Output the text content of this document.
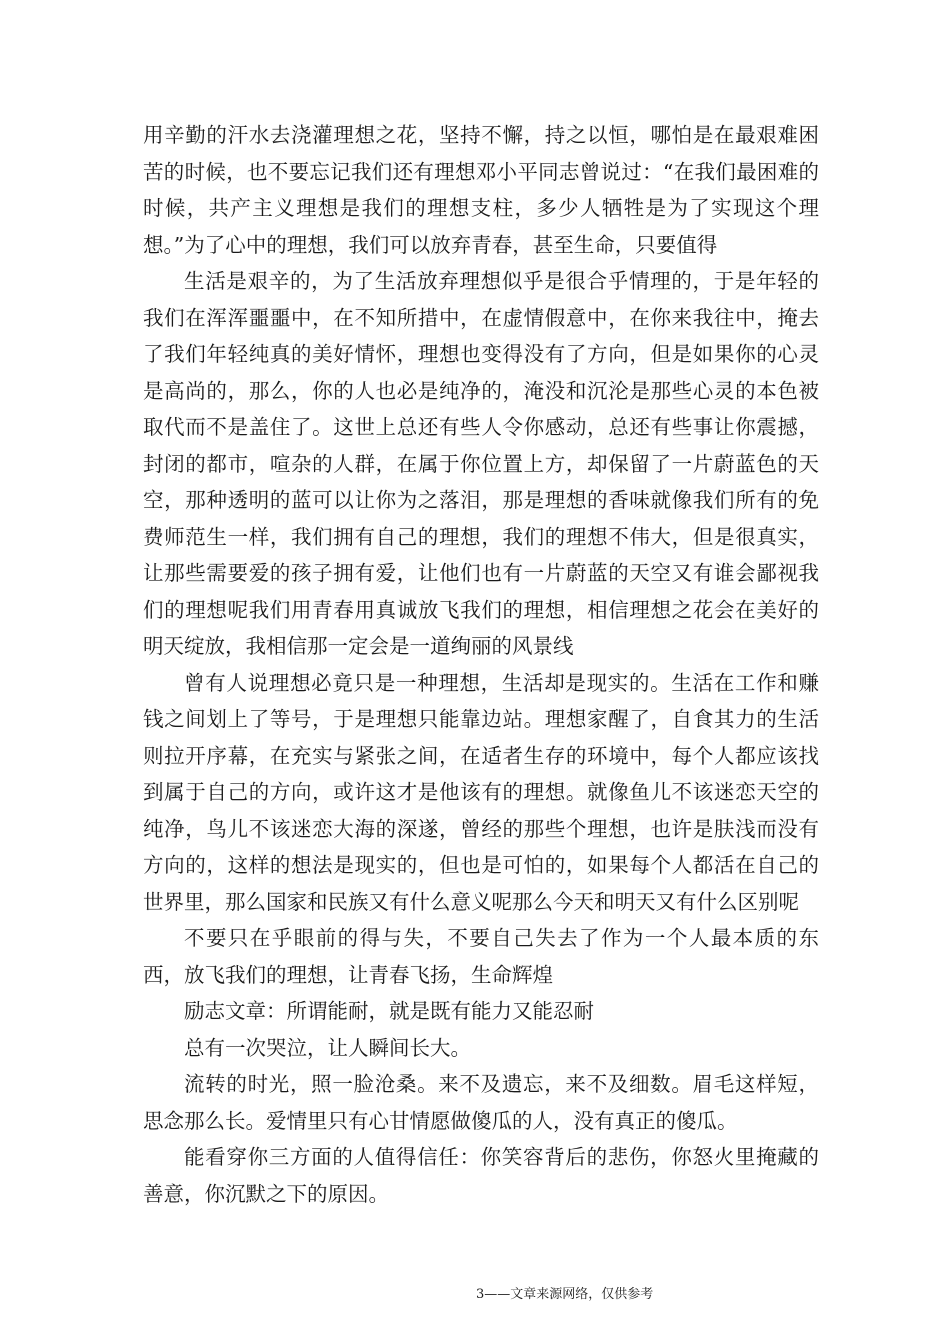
用辛勤的汗水去浇灌理想之花，坚持不懈，持之以恒，哪怕是在最艰难困苦的时候，也不要忘记我们还有理想邓小平同志曾说过：“在我们最困难的时候，共产主义理想是我们的理想支柱，多少人牺牲是为了实现这个理想。”为了心中的理想，我们可以放弃青春，甚至生命，只要值得

生活是艰辛的，为了生活放弃理想似乎是很合乎情理的，于是年轻的我们在浑浑噩噩中，在不知所措中，在虚情假意中，在你来我往中，掩去了我们年轻纯真的美好情怀，理想也变得没有了方向，但是如果你的心灵是高尚的，那么，你的人也必是纯净的，淹没和沉沦是那些心灵的本色被取代而不是盖住了。这世上总还有些人令你感动，总还有些事让你震撼，封闭的都市，喧杂的人群，在属于你位置上方，却保留了一片蔚蓝色的天空，那种透明的蓝可以让你为之落泪，那是理想的香味就像我们所有的免费师范生一样，我们拥有自己的理想，我们的理想不伟大，但是很真实，让那些需要爱的孩子拥有爱，让他们也有一片蔚蓝的天空又有谁会鄙视我们的理想呢我们用青春用真诚放飞我们的理想，相信理想之花会在美好的明天绽放，我相信那一定会是一道绚丽的风景线

曾有人说理想必竟只是一种理想，生活却是现实的。生活在工作和赚钱之间划上了等号，于是理想只能靠边站。理想家醒了，自食其力的生活则拉开序幕，在充实与紧张之间，在适者生存的环境中，每个人都应该找到属于自己的方向，或许这才是他该有的理想。就像鱼儿不该迷恋天空的纯净，鸟儿不该迷恋大海的深遂，曾经的那些个理想，也许是肤浅而没有方向的，这样的想法是现实的，但也是可怕的，如果每个人都活在自己的世界里，那么国家和民族又有什么意义呢那么今天和明天又有什么区别呢

不要只在乎眼前的得与失，不要自己失去了作为一个人最本质的东西，放飞我们的理想，让青春飞扬，生命辉煌

励志文章：所谓能耐，就是既有能力又能忍耐

总有一次哭泣，让人瞬间长大。

流转的时光，照一脸沧桑。来不及遗忘，来不及细数。眉毛这样短，思念那么长。爱情里只有心甘情愿做傻瓜的人，没有真正的傻瓜。

能看穿你三方面的人值得信任：你笑容背后的悲伤，你怒火里掩藏的善意，你沉默之下的原因。

3——文章来源网络，仅供参考
